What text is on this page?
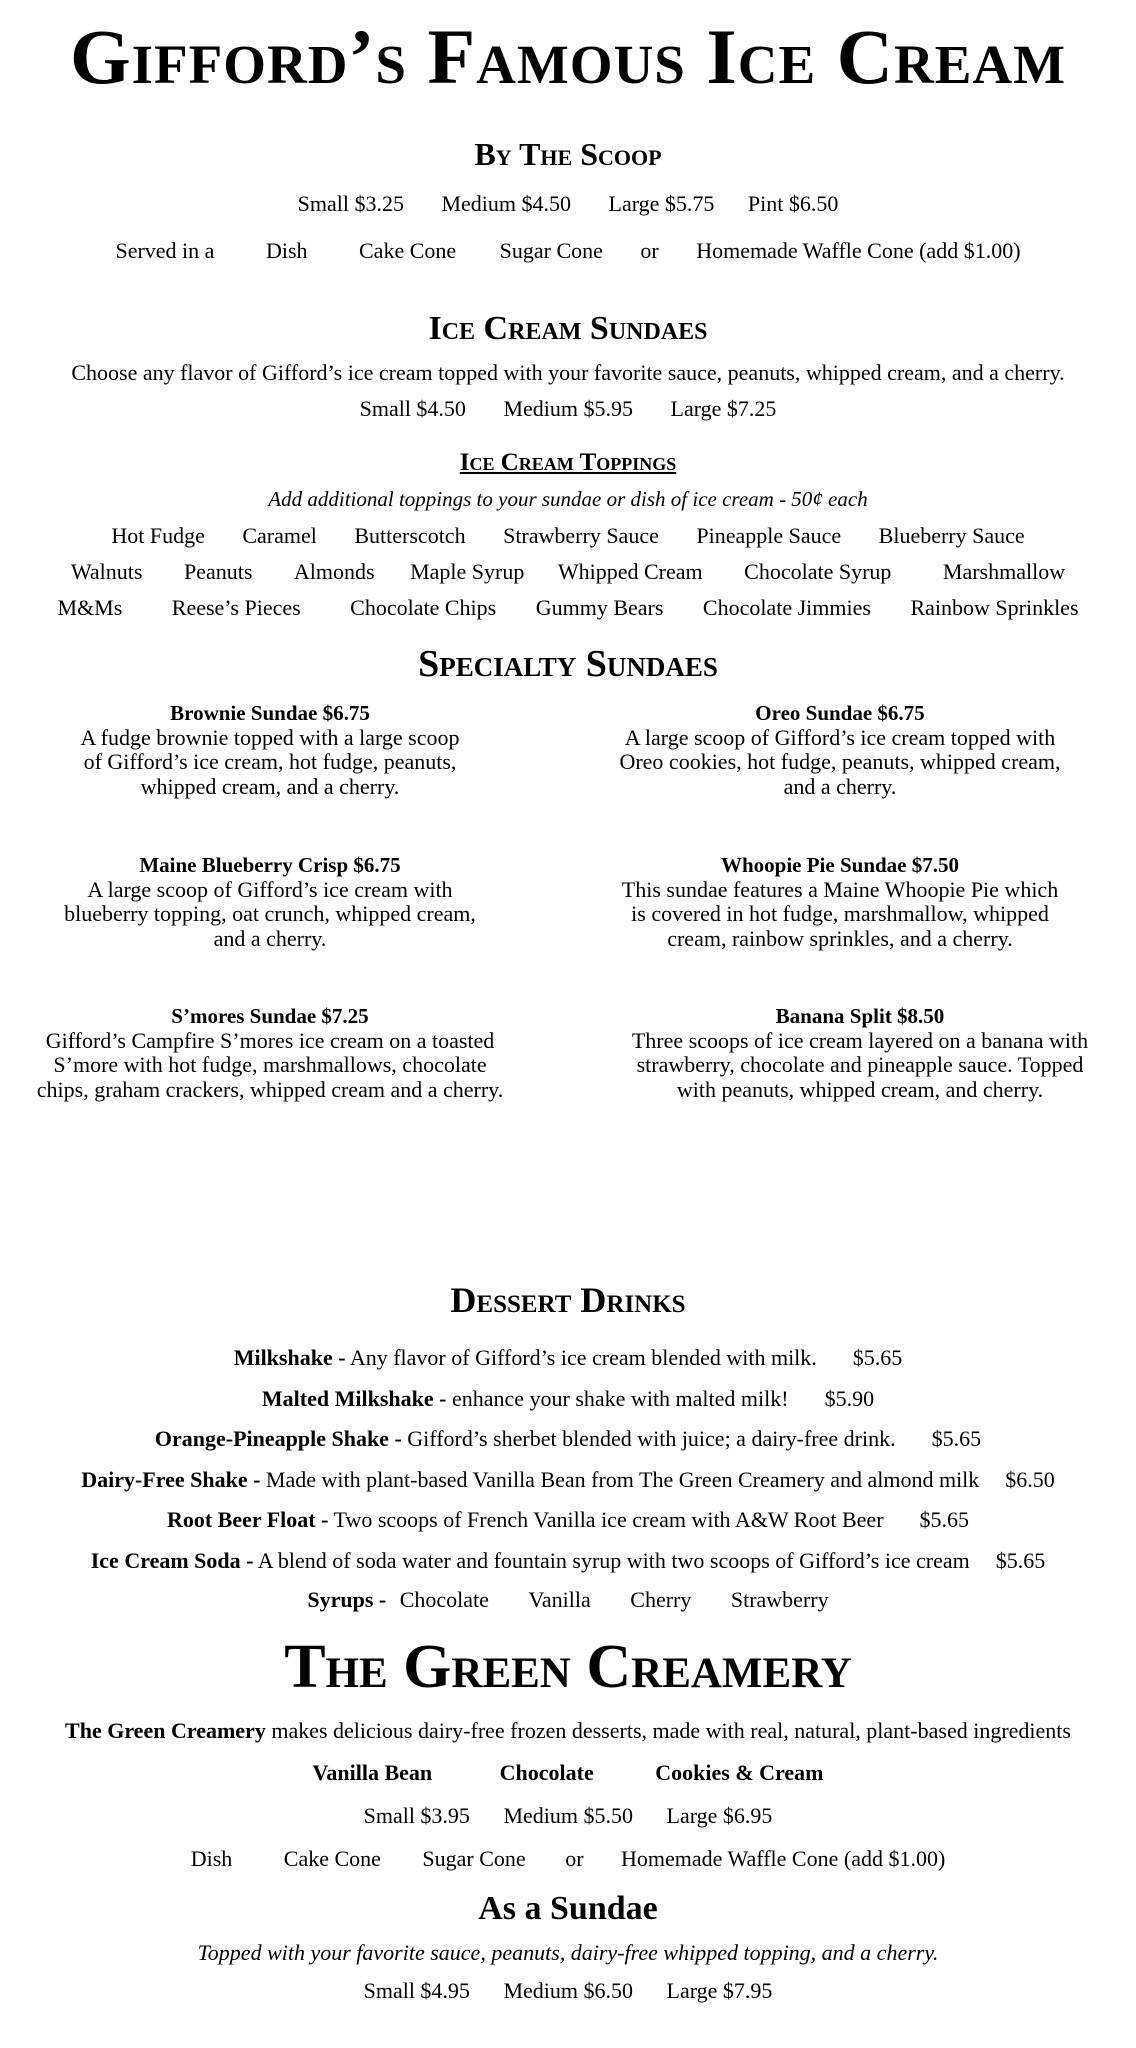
Gifford’s Famous Ice Cream
By The Scoop
Small $3.25 Medium $4.50 Large $5.75 Pint $6.50
Served in a Dish Cake Cone Sugar Cone or Homemade Waffle Cone (add $1.00)
Ice Cream Sundaes
Choose any flavor of Gifford’s ice cream topped with your favorite sauce, peanuts, whipped cream, and a cherry.
Small $4.50 Medium $5.95 Large $7.25
Ice Cream Toppings
Add additional toppings to your sundae or dish of ice cream - 50¢ each
Hot Fudge Caramel Butterscotch Strawberry Sauce Pineapple Sauce Blueberry Sauce
Walnuts Peanuts Almonds Maple Syrup Whipped Cream Chocolate Syrup Marshmallow
M&Ms Reese’s Pieces Chocolate Chips Gummy Bears Chocolate Jimmies Rainbow Sprinkles
Specialty Sundaes
Brownie Sundae $6.75
A fudge brownie topped with a large scoop
of Gifford’s ice cream, hot fudge, peanuts,
whipped cream, and a cherry.
Oreo Sundae $6.75
A large scoop of Gifford’s ice cream topped with
Oreo cookies, hot fudge, peanuts, whipped cream,
and a cherry.
Maine Blueberry Crisp $6.75
A large scoop of Gifford’s ice cream with
blueberry topping, oat crunch, whipped cream,
and a cherry.
Whoopie Pie Sundae $7.50
This sundae features a Maine Whoopie Pie which
is covered in hot fudge, marshmallow, whipped
cream, rainbow sprinkles, and a cherry.
S’mores Sundae $7.25
Gifford’s Campfire S’mores ice cream on a toasted
S’more with hot fudge, marshmallows, chocolate
chips, graham crackers, whipped cream and a cherry.
Banana Split $8.50
Three scoops of ice cream layered on a banana with
strawberry, chocolate and pineapple sauce. Topped
with peanuts, whipped cream, and cherry.
Dessert Drinks
Milkshake - Any flavor of Gifford’s ice cream blended with milk. $5.65
Malted Milkshake - enhance your shake with malted milk! $5.90
Orange-Pineapple Shake - Gifford’s sherbet blended with juice; a dairy-free drink. $5.65
Dairy-Free Shake - Made with plant-based Vanilla Bean from The Green Creamery and almond milk $6.50
Root Beer Float - Two scoops of French Vanilla ice cream with A&W Root Beer $5.65
Ice Cream Soda - A blend of soda water and fountain syrup with two scoops of Gifford’s ice cream $5.65
Syrups - Chocolate Vanilla Cherry Strawberry
The Green Creamery
The Green Creamery makes delicious dairy-free frozen desserts, made with real, natural, plant-based ingredients
Vanilla Bean	Chocolate	Cookies & Cream
Small $3.95 Medium $5.50 Large $6.95
Dish Cake Cone Sugar Cone or Homemade Waffle Cone (add $1.00)
As a Sundae
Topped with your favorite sauce, peanuts, dairy-free whipped topping, and a cherry.
Small $4.95 Medium $6.50 Large $7.95
